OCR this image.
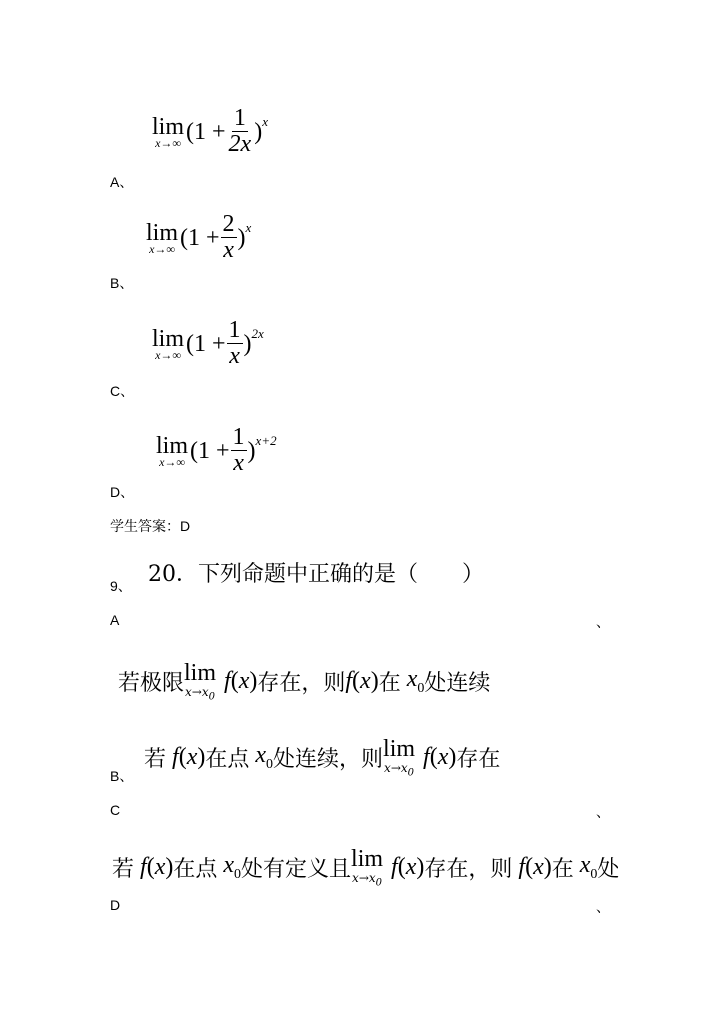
lim
x→∞ ($1 + \frac{1}{2x}$ ) x
A、
lim
x→∞ ($1 + \frac{2}{x}$ ) x
B、
lim
x→∞ ($1 + \frac{1}{x}$ ) 2x
C、
lim
x→∞ ($1 + \frac{1}{x}$ ) x+2
D、
学生答案：D
20．下列命题中正确的是（　　）
9、
A	、
若极限 lim
$x\to x_0$
f ( x ) 存在，则 f ( x ) 在 $x_0$ 处连续
若 f ( x ) 在点 $x_0$ 处连续，则 lim
$x\to x_0$
f ( x ) 存在
B、
C	、
若 f ( x ) 在点 $x_0$ 处有定义且 lim
$x\to x_0$
f ( x ) 存在，则 f ( x ) 在 $x_0$ 处
D	、
